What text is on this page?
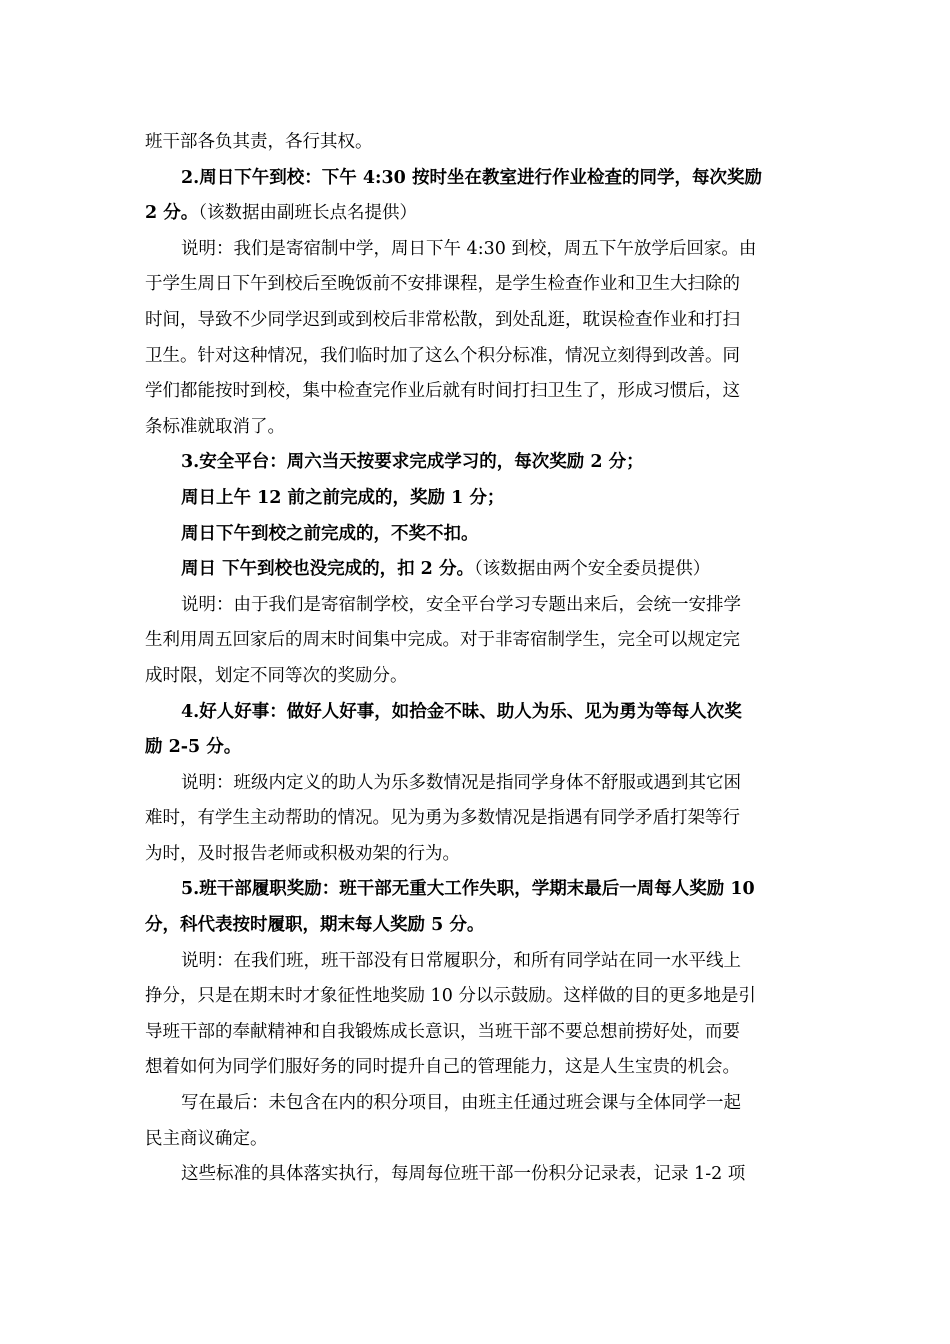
班干部各负其责，各行其权。
2.周日下午到校：下午 4:30 按时坐在教室进行作业检查的同学，每次奖励
2 分。（该数据由副班长点名提供）
说明：我们是寄宿制中学，周日下午 4:30 到校，周五下午放学后回家。由
于学生周日下午到校后至晚饭前不安排课程，是学生检查作业和卫生大扫除的
时间，导致不少同学迟到或到校后非常松散，到处乱逛，耽误检查作业和打扫
卫生。针对这种情况，我们临时加了这么个积分标准，情况立刻得到改善。同
学们都能按时到校，集中检查完作业后就有时间打扫卫生了，形成习惯后，这
条标准就取消了。
3.安全平台：周六当天按要求完成学习的，每次奖励 2 分；
周日上午 12 前之前完成的，奖励 1 分；
周日下午到校之前完成的，不奖不扣。
周日 下午到校也没完成的，扣 2 分。（该数据由两个安全委员提供）
说明：由于我们是寄宿制学校，安全平台学习专题出来后，会统一安排学
生利用周五回家后的周末时间集中完成。对于非寄宿制学生，完全可以规定完
成时限，划定不同等次的奖励分。
4.好人好事：做好人好事，如拾金不昧、助人为乐、见为勇为等每人次奖
励 2-5 分。
说明：班级内定义的助人为乐多数情况是指同学身体不舒服或遇到其它困
难时，有学生主动帮助的情况。见为勇为多数情况是指遇有同学矛盾打架等行
为时，及时报告老师或积极劝架的行为。
5.班干部履职奖励：班干部无重大工作失职，学期末最后一周每人奖励 10
分，科代表按时履职，期末每人奖励 5 分。
说明：在我们班，班干部没有日常履职分，和所有同学站在同一水平线上
挣分，只是在期末时才象征性地奖励 10 分以示鼓励。这样做的目的更多地是引
导班干部的奉献精神和自我锻炼成长意识，当班干部不要总想前捞好处，而要
想着如何为同学们服好务的同时提升自己的管理能力，这是人生宝贵的机会。
写在最后：未包含在内的积分项目，由班主任通过班会课与全体同学一起
民主商议确定。
这些标准的具体落实执行，每周每位班干部一份积分记录表，记录 1-2 项
